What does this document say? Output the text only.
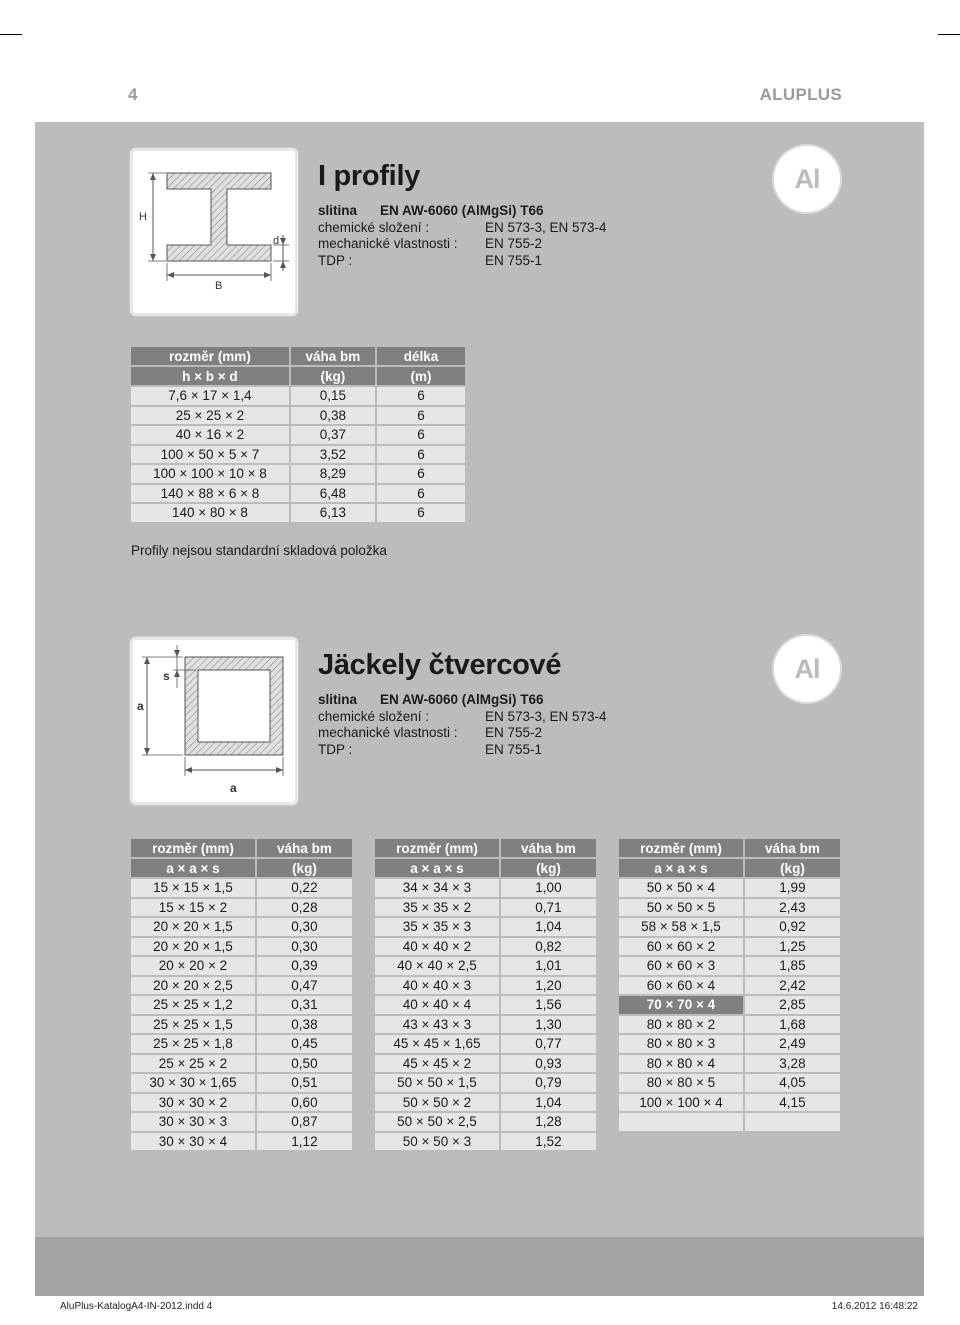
4	ALUPLUS
H
d
B
I profily
slitina EN AW-6060 (AlMgSi) T66
chemické složení :	EN 573-3, EN 573-4
mechanické vlastnosti : EN 755-2
TDP :	EN 755-1
Al
rozměr (mm)	váha bm	délka
h × b × d	(kg)	(m)
7,6 × 17 × 1,4	0,15	6
25 × 25 × 2	0,38	6
40 × 16 × 2	0,37	6
100 × 50 × 5 × 7	3,52	6
100 × 100 × 10 × 8	8,29	6
140 × 88 × 6 × 8	6,48	6
140 × 80 × 8	6,13	6
Profily nejsou standardní skladová položka
s
a
a
Jäckely čtvercové
slitina EN AW-6060 (AlMgSi) T66
chemické složení :	EN 573-3, EN 573-4
mechanické vlastnosti : EN 755-2
TDP :	EN 755-1
Al
rozměr (mm)	váha bm
a × a × s	(kg)
15 × 15 × 1,5	0,22
15 × 15 × 2	0,28
20 × 20 × 1,5	0,30
20 × 20 × 1,5	0,30
20 × 20 × 2	0,39
20 × 20 × 2,5	0,47
25 × 25 × 1,2	0,31
25 × 25 × 1,5	0,38
25 × 25 × 1,8	0,45
25 × 25 × 2	0,50
30 × 30 × 1,65	0,51
30 × 30 × 2	0,60
30 × 30 × 3	0,87
30 × 30 × 4	1,12
rozměr (mm)	váha bm
a × a × s	(kg)
34 × 34 × 3	1,00
35 × 35 × 2	0,71
35 × 35 × 3	1,04
40 × 40 × 2	0,82
40 × 40 × 2,5	1,01
40 × 40 × 3	1,20
40 × 40 × 4	1,56
43 × 43 × 3	1,30
45 × 45 × 1,65	0,77
45 × 45 × 2	0,93
50 × 50 × 1,5	0,79
50 × 50 × 2	1,04
50 × 50 × 2,5	1,28
50 × 50 × 3	1,52
rozměr (mm)	váha bm
a × a × s	(kg)
50 × 50 × 4	1,99
50 × 50 × 5	2,43
58 × 58 × 1,5	0,92
60 × 60 × 2	1,25
60 × 60 × 3	1,85
60 × 60 × 4	2,42
70 × 70 × 4	2,85
80 × 80 × 2	1,68
80 × 80 × 3	2,49
80 × 80 × 4	3,28
80 × 80 × 5	4,05
100 × 100 × 4	4,15

AluPlus-KatalogA4-IN-2012.indd 4	14.6.2012 16:48:22
